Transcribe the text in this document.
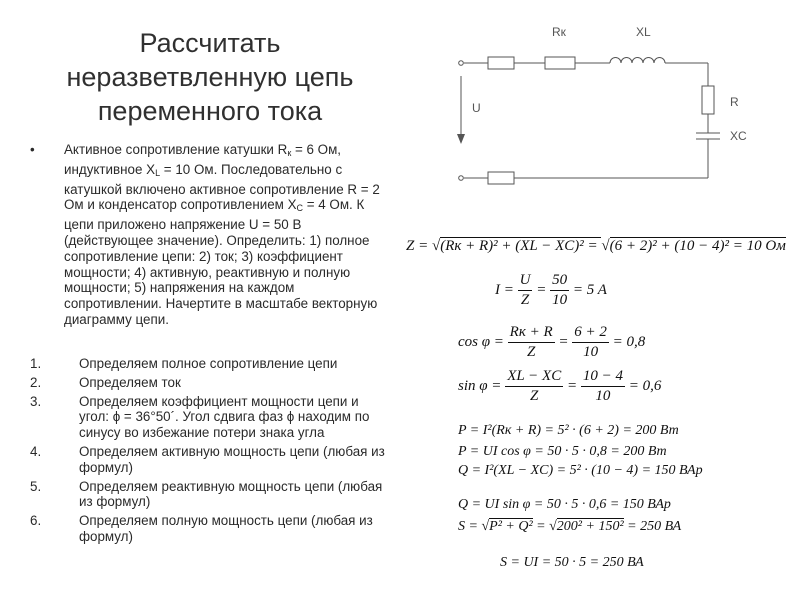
Рассчитать
неразветвленную цепь
переменного тока
• Активное сопротивление катушки $R_к = 6$ Ом, индуктивное $X_L = 10$ Ом. Последовательно с катушкой включено активное сопротивление R = 2 Ом и конденсатор сопротивлением $X_C = 4$ Ом. К цепи приложено напряжение U = 50 В (действующее значение). Определить: 1) полное сопротивление цепи: 2) ток; 3) коэффициент мощности; 4) активную, реактивную и полную мощности; 5) напряжения на каждом сопротивлении. Начертите в масштабе векторную диаграмму цепи.
1.	Определяем полное сопротивление цепи
2.	Определяем ток
3.	Определяем коэффициент мощности цепи и угол: ϕ = 36°50´. Угол сдвига фаз ϕ находим по синусу во избежание потери знака угла
4.	Определяем активную мощность цепи (любая из формул)
5.	Определяем реактивную мощность цепи (любая из формул)
6.	Определяем полную мощность цепи (любая из формул)
Rк	XL
R
XC
U
Z = √(Rк + R)² + (XL − XC)² = √(6 + 2)² + (10 − 4)² = 10 Ом
$I = \frac{U}{Z} = \frac{50}{10} = 5$ A
$\cos \varphi = \frac{Rк + R}{Z} = \frac{6 + 2}{10} = 0,8$
$\sin \varphi = \frac{XL - XC}{Z} = \frac{10 - 4}{10} = 0,6$
P = I²(Rк + R) = 5² · (6 + 2) = 200 Вт
P = UI cos φ = 50 · 5 · 0,8 = 200 Вт
Q = I²(XL − XC) = 5² · (10 − 4) = 150 ВАр
Q = UI sin φ = 50 · 5 · 0,6 = 150 ВАр
S = √P² + Q² = √200² + 150² = 250 ВА
S = UI = 50 · 5 = 250 ВА
